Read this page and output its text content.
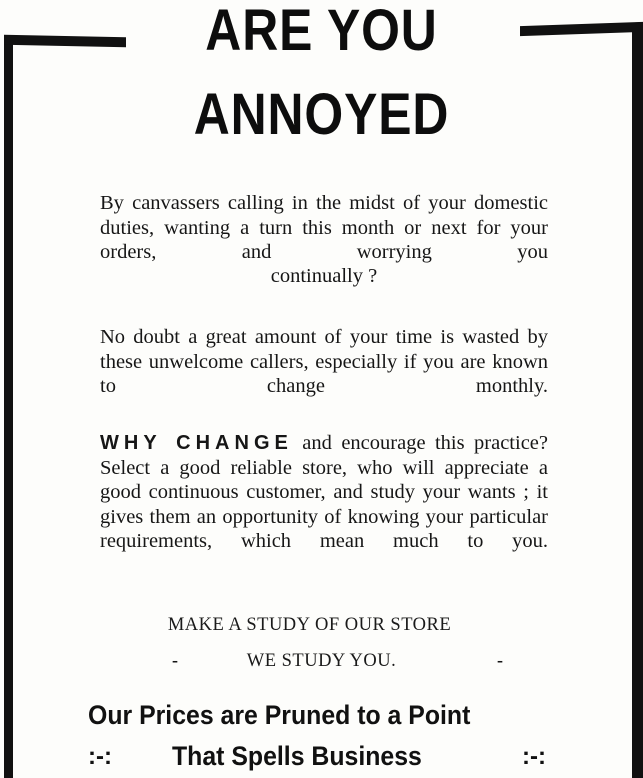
ARE YOU
ANNOYED
By canvassers calling in the midst of your domestic duties, wanting a turn this month or next for your orders, and worrying you
continually ?
No doubt a great amount of your time is wasted by these unwelcome callers, especially if you are known to change monthly.
WHY CHANGE and encourage this practice? Select a good reliable store, who will appreciate a good continuous customer, and study your wants ; it gives them an opportunity of knowing your particular requirements, which mean much to you.
MAKE A STUDY OF OUR STORE
-	WE STUDY YOU.	-
Our Prices are Pruned to a Point
:-: That Spells Business	:-:
